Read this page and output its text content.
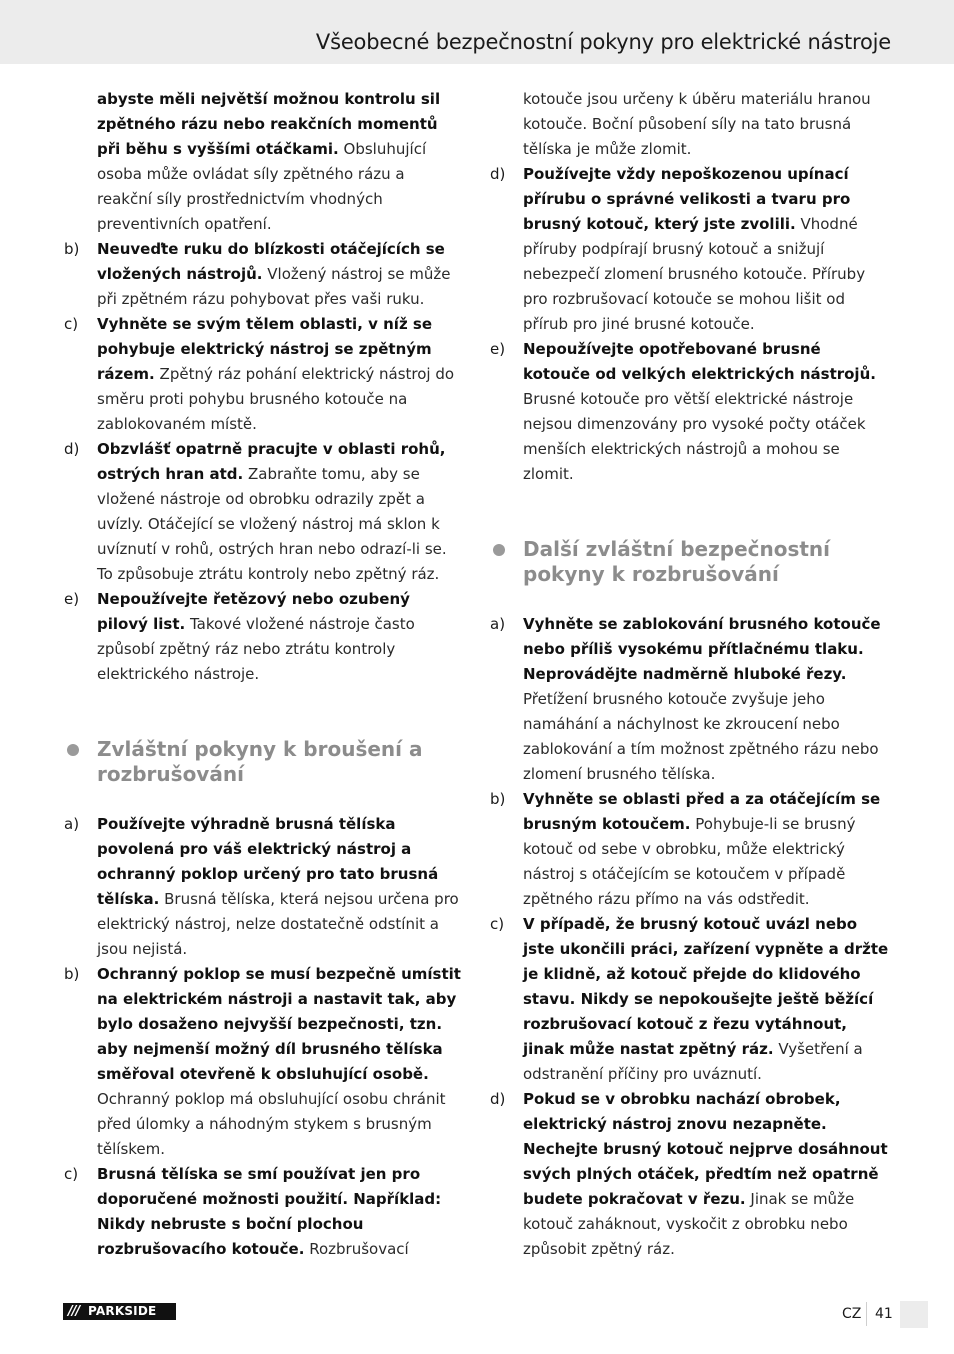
Všeobecné bezpečnostní pokyny pro elektrické nástroje
abyste měli největší možnou kontrolu sil zpětného rázu nebo reakčních momentů při běhu s vyššími otáčkami. Obsluhující osoba může ovládat síly zpětného rázu a reakční síly prostřednictvím vhodných preventivních opatření.
b) Neuveďte ruku do blízkosti otáčejících se vložených nástrojů. Vložený nástroj se může při zpětném rázu pohybovat přes vaši ruku.
c) Vyhněte se svým tělem oblasti, v níž se pohybuje elektrický nástroj se zpětným rázem. Zpětný ráz pohání elektrický nástroj do směru proti pohybu brusného kotouče na zablokovaném místě.
d) Obzvlášť opatrně pracujte v oblasti rohů, ostrých hran atd. Zabraňte tomu, aby se vložené nástroje od obrobku odrazily zpět a uvízly. Otáčející se vložený nástroj má sklon k uvíznutí v rohů, ostrých hran nebo odrazí-li se. To způsobuje ztrátu kontroly nebo zpětný ráz.
e) Nepoužívejte řetězový nebo ozubený pilový list. Takové vložené nástroje často způsobí zpětný ráz nebo ztrátu kontroly elektrického nástroje.
Zvláštní pokyny k broušení a rozbrušování
a) Používejte výhradně brusná tělíska povolená pro váš elektrický nástroj a ochranný poklop určený pro tato brusná tělíska. Brusná tělíska, která nejsou určena pro elektrický nástroj, nelze dostatečně odstínit a jsou nejistá.
b) Ochranný poklop se musí bezpečně umístit na elektrickém nástroji a nastavit tak, aby bylo dosaženo nejvyšší bezpečnosti, tzn. aby nejmenší možný díl brusného tělíska směřoval otevřeně k obsluhující osobě. Ochranný poklop má obsluhující osobu chránit před úlomky a náhodným stykem s brusným tělískem.
c) Brusná tělíska se smí používat jen pro doporučené možnosti použití. Například: Nikdy nebruste s boční plochou rozbrušovacího kotouče. Rozbrušovací
kotouče jsou určeny k úběru materiálu hranou kotouče. Boční působení síly na tato brusná tělíska je může zlomit.
d) Používejte vždy nepoškozenou upínací přírubu o správné velikosti a tvaru pro brusný kotouč, který jste zvolili. Vhodné příruby podpírají brusný kotouč a snižují nebezpečí zlomení brusného kotouče. Příruby pro rozbrušovací kotouče se mohou lišit od přírub pro jiné brusné kotouče.
e) Nepoužívejte opotřebované brusné kotouče od velkých elektrických nástrojů. Brusné kotouče pro větší elektrické nástroje nejsou dimenzovány pro vysoké počty otáček menších elektrických nástrojů a mohou se zlomit.
Další zvláštní bezpečnostní pokyny k rozbrušování
a) Vyhněte se zablokování brusného kotouče nebo příliš vysokému přítlačnému tlaku. Neprovádějte nadměrně hluboké řezy. Přetížení brusného kotouče zvyšuje jeho namáhání a náchylnost ke zkroucení nebo zablokování a tím možnost zpětného rázu nebo zlomení brusného tělíska.
b) Vyhněte se oblasti před a za otáčejícím se brusným kotoučem. Pohybuje-li se brusný kotouč od sebe v obrobku, může elektrický nástroj s otáčejícím se kotoučem v případě zpětného rázu přímo na vás odstředit.
c) V případě, že brusný kotouč uvázl nebo jste ukončili práci, zařízení vypněte a držte je klidně, až kotouč přejde do klidového stavu. Nikdy se nepokoušejte ještě běžící rozbrušovací kotouč z řezu vytáhnout, jinak může nastat zpětný ráz. Vyšetření a odstranění příčiny pro uváznutí.
d) Pokud se v obrobku nachází obrobek, elektrický nástroj znovu nezapněte. Nechejte brusný kotouč nejprve dosáhnout svých plných otáček, předtím než opatrně budete pokračovat v řezu. Jinak se může kotouč zaháknout, vyskočit z obrobku nebo způsobit zpětný ráz.
/// PARKSIDE	CZ 41
